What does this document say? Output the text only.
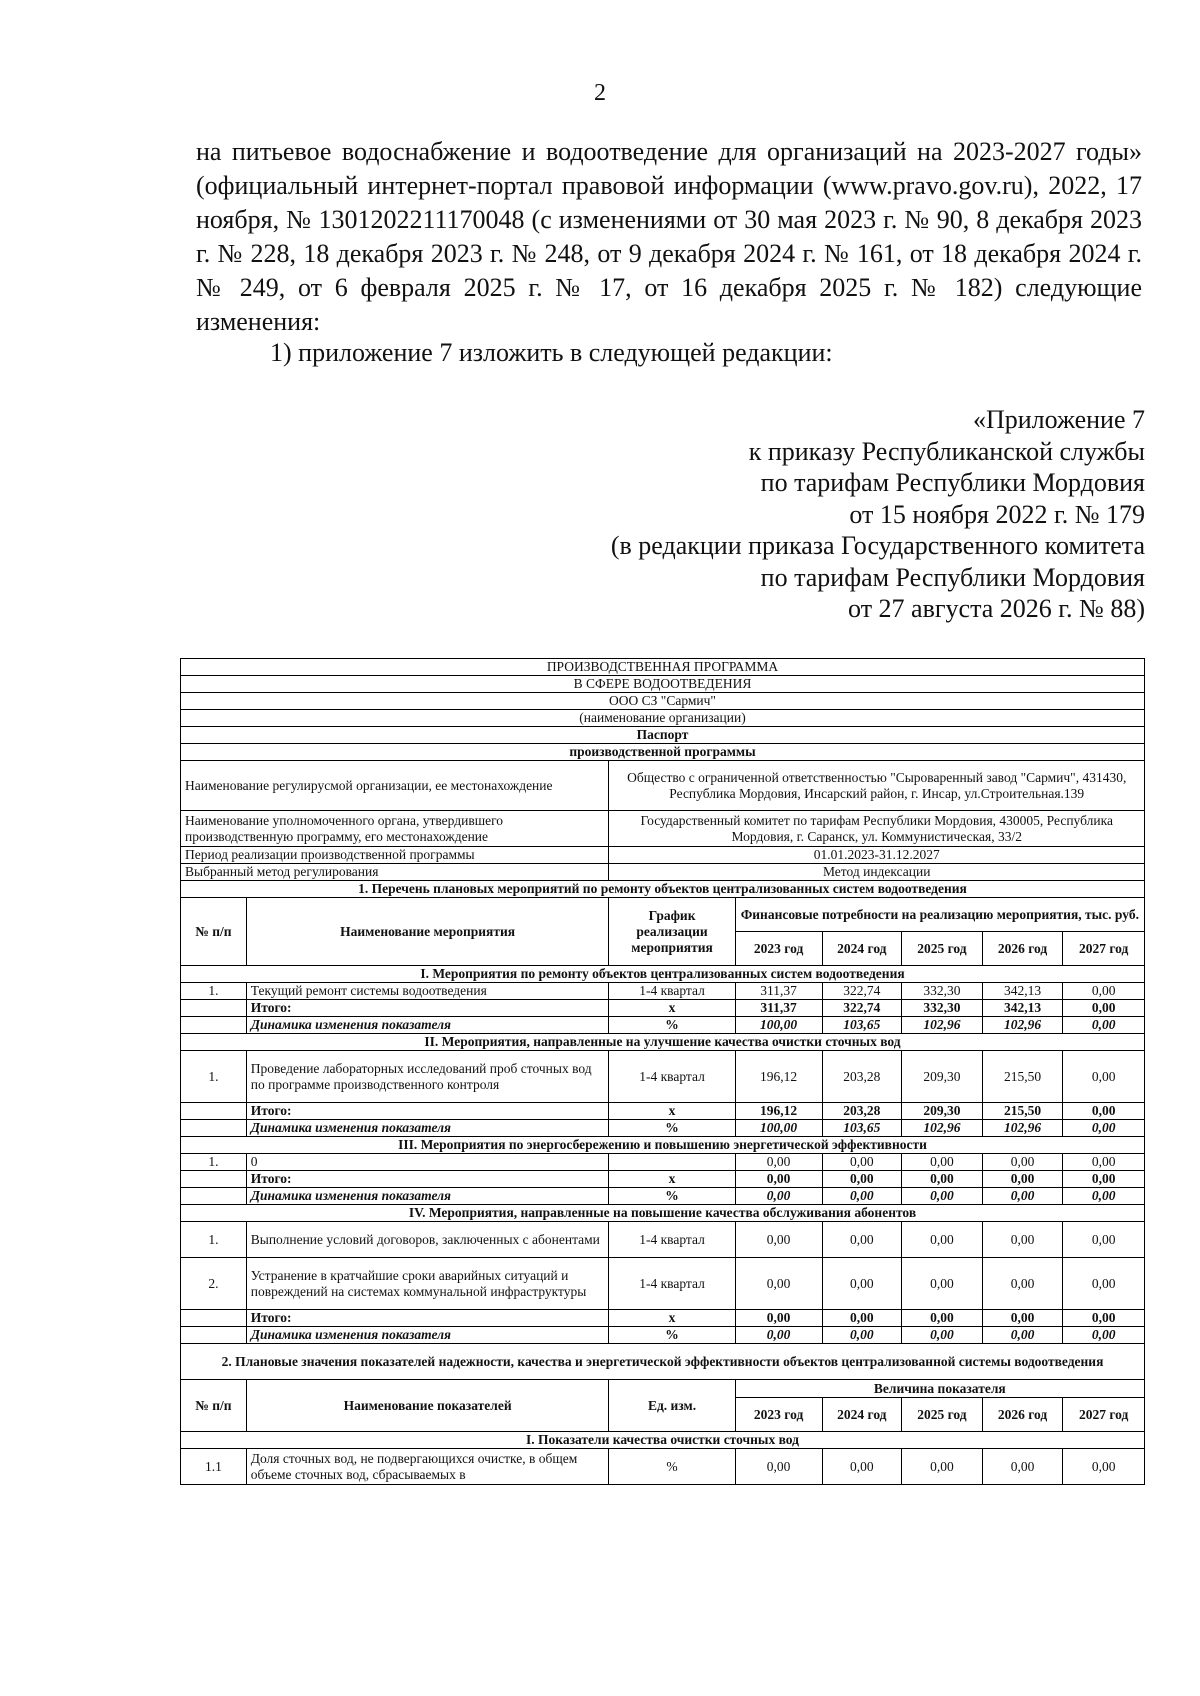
2

на питьевое водоснабжение и водоотведение для организаций на 2023-2027 годы» (официальный интернет-портал правовой информации (www.pravo.gov.ru), 2022, 17 ноября, № 1301202211170048 (с изменениями от 30 мая 2023 г. № 90, 8 декабря 2023 г. № 228, 18 декабря 2023 г. № 248, от 9 декабря 2024 г. № 161, от 18 декабря 2024 г. № 249, от 6 февраля 2025 г. № 17, от 16 декабря 2025 г. № 182) следующие изменения:

1) приложение 7 изложить в следующей редакции:

«Приложение 7
к приказу Республиканской службы
по тарифам Республики Мордовия
от 15 ноября 2022 г. № 179
(в редакции приказа Государственного комитета
по тарифам Республики Мордовия
от 27 августа 2026 г. № 88)
ПРОИЗВОДСТВЕННАЯ ПРОГРАММА							
В СФЕРЕ ВОДООТВЕДЕНИЯ							
ООО СЗ "Сармич"							
(наименование организации)							
Паспорт							
производственной программы							
Наименование регулирусмой организации, ее местонахождение		Общество с ограниченной ответственностью "Сыроваренный завод "Сармич", 431430, Республика Мордовия, Инсарский район, г. Инсар, ул.Строительная.139					
Наименование уполномоченного органа, утвердившего производственную программу, его местонахождение		Государственный комитет по тарифам Республики Мордовия, 430005, Республика Мордовия, г. Саранск, ул. Коммунистическая, 33/2					
Период реализации производственной программы		01.01.2023-31.12.2027					
Выбранный метод регулирования		Метод индексации					
1. Перечень плановых мероприятий по ремонту объектов централизованных систем водоотведения							
№ п/п	Наименование мероприятия	График реализации мероприятия	Финансовые потребности на реализацию мероприятия, тыс. руб.				
			2023 год	2024 год	2025 год	2026 год	2027 год
I. Мероприятия по ремонту объектов централизованных систем водоотведения							
1.	Текущий ремонт системы водоотведения	1-4 квартал	311,37	322,74	332,30	342,13	0,00
	Итого:	х	311,37	322,74	332,30	342,13	0,00
	Динамика изменения показателя	%	100,00	103,65	102,96	102,96	0,00
II. Мероприятия, направленные на улучшение качества очистки сточных вод							
1.	Проведение лабораторных исследований проб сточных вод по программе производственного контроля	1-4 квартал	196,12	203,28	209,30	215,50	0,00
	Итого:	х	196,12	203,28	209,30	215,50	0,00
	Динамика изменения показателя	%	100,00	103,65	102,96	102,96	0,00
III. Мероприятия по энергосбережению и повышению энергетической эффективности							
1.	0		0,00	0,00	0,00	0,00	0,00
	Итого:	х	0,00	0,00	0,00	0,00	0,00
	Динамика изменения показателя	%	0,00	0,00	0,00	0,00	0,00
IV. Мероприятия, направленные на повышение качества обслуживания абонентов							
1.	Выполнение условий договоров, заключенных с абонентами	1-4 квартал	0,00	0,00	0,00	0,00	0,00
2.	Устранение в кратчайшие сроки аварийных ситуаций и повреждений на системах коммунальной инфраструктуры	1-4 квартал	0,00	0,00	0,00	0,00	0,00
	Итого:	х	0,00	0,00	0,00	0,00	0,00
	Динамика изменения показателя	%	0,00	0,00	0,00	0,00	0,00
2. Плановые значения показателей надежности, качества и энергетической эффективности объектов централизованной системы водоотведения							
№ п/п	Наименование показателей	Ед. изм.	Величина показателя				
			2023 год	2024 год	2025 год	2026 год	2027 год
I. Показатели качества очистки сточных вод							
1.1	Доля сточных вод, не подвергающихся очистке, в общем объеме сточных вод, сбрасываемых в	%	0,00	0,00	0,00	0,00	0,00
